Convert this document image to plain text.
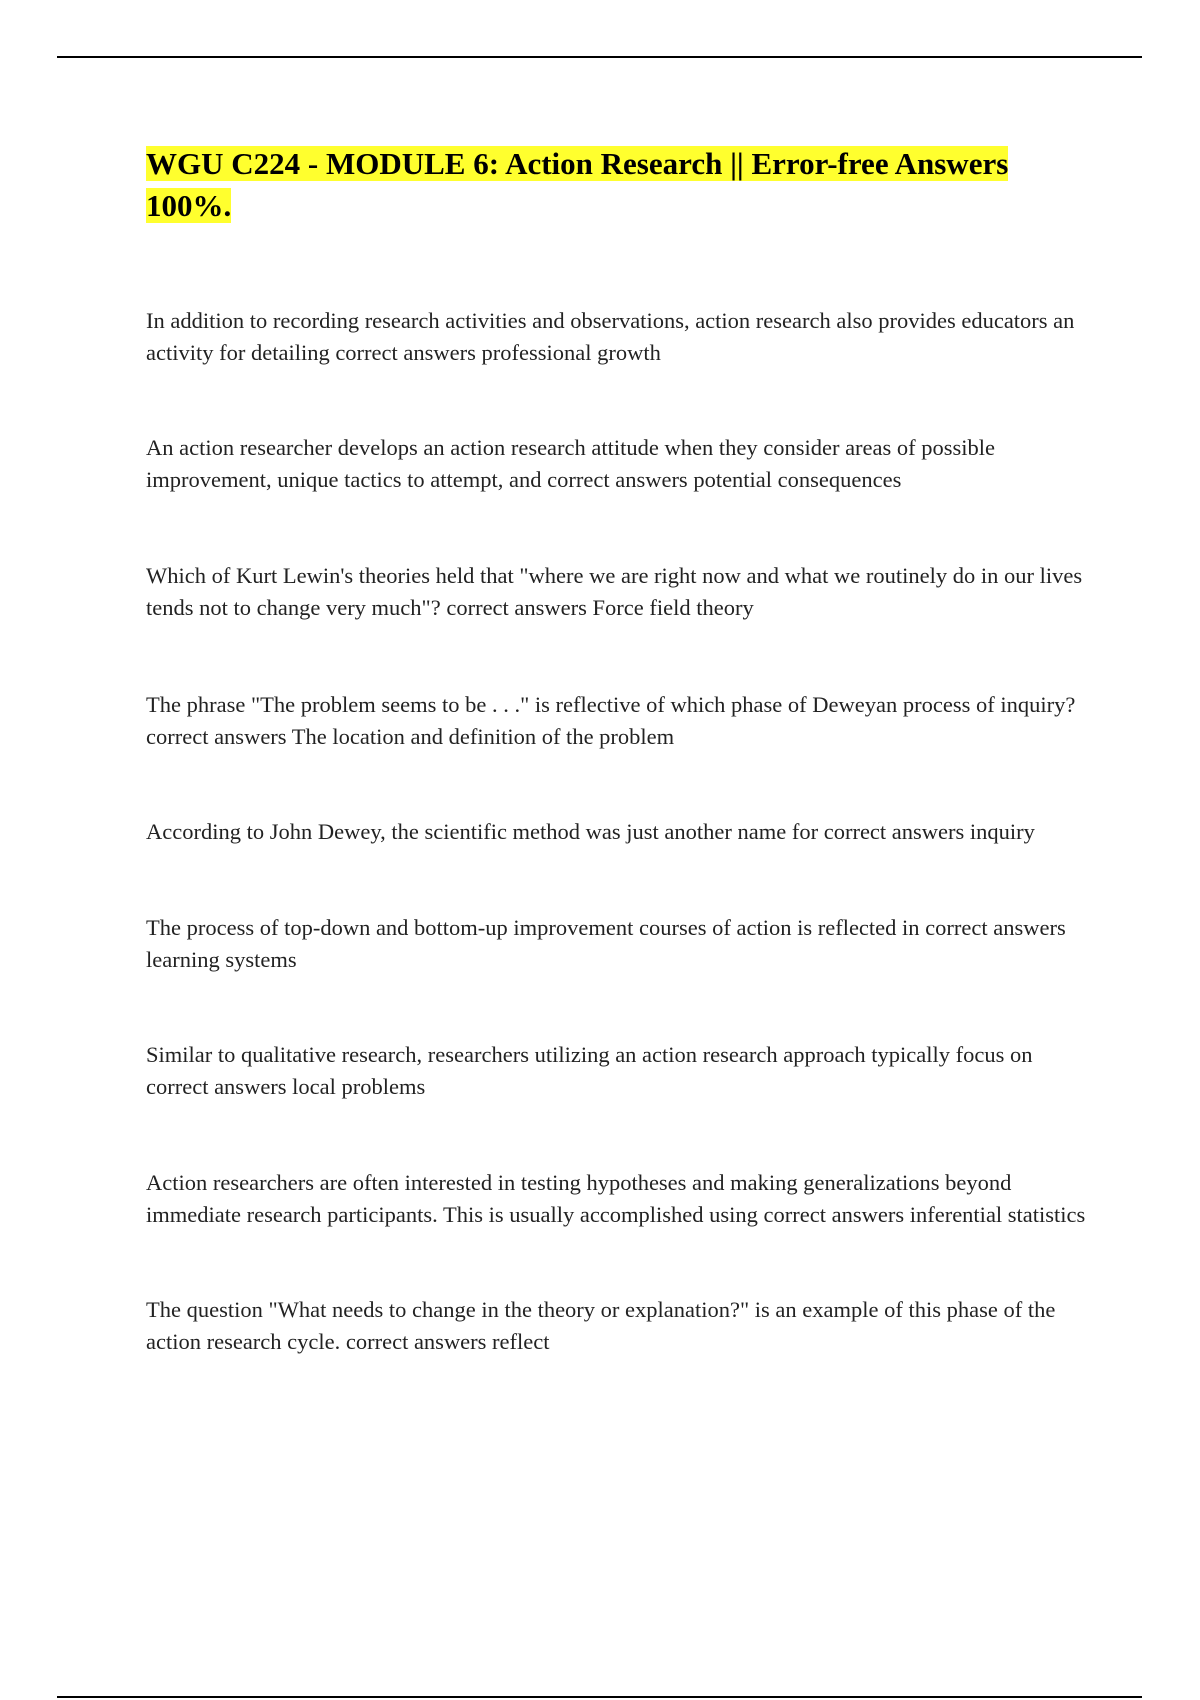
WGU C224 - MODULE 6: Action Research || Error-free Answers 100%.
In addition to recording research activities and observations, action research also provides educators an activity for detailing correct answers professional growth
An action researcher develops an action research attitude when they consider areas of possible improvement, unique tactics to attempt, and correct answers potential consequences
Which of Kurt Lewin's theories held that "where we are right now and what we routinely do in our lives tends not to change very much"? correct answers Force field theory
The phrase "The problem seems to be . . ." is reflective of which phase of Deweyan process of inquiry? correct answers The location and definition of the problem
According to John Dewey, the scientific method was just another name for correct answers inquiry
The process of top-down and bottom-up improvement courses of action is reflected in correct answers learning systems
Similar to qualitative research, researchers utilizing an action research approach typically focus on correct answers local problems
Action researchers are often interested in testing hypotheses and making generalizations beyond immediate research participants. This is usually accomplished using correct answers inferential statistics
The question "What needs to change in the theory or explanation?" is an example of this phase of the action research cycle. correct answers reflect
